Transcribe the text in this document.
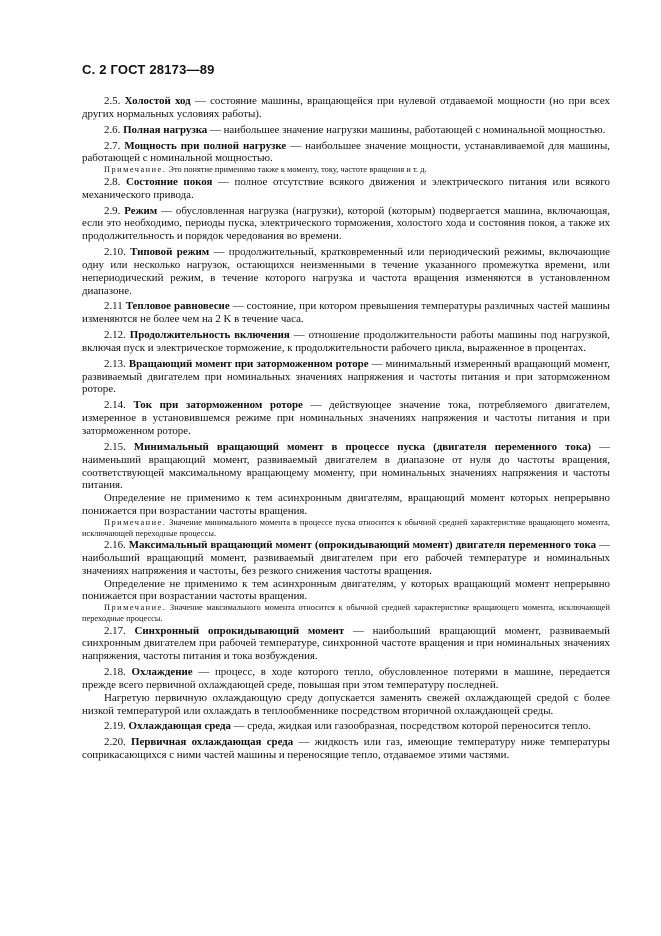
С. 2 ГОСТ 28173—89

2.5. Холостой ход — состояние машины, вращающейся при нулевой отдаваемой мощности (но при всех других нормальных условиях работы).

2.6. Полная нагрузка — наибольшее значение нагрузки машины, работающей с номинальной мощностью.

2.7. Мощность при полной нагрузке — наибольшее значение мощности, устанавливаемой для машины, работающей с номинальной мощностью.

Примечание. Это понятие применимо также к моменту, току, частоте вращения и т. д.

2.8. Состояние покоя — полное отсутствие всякого движения и электрического питания или всякого механического привода.

2.9. Режим — обусловленная нагрузка (нагрузки), которой (которым) подвергается машина, включающая, если это необходимо, периоды пуска, электрического торможения, холостого хода и состояния покоя, а также их продолжительность и порядок чередования во времени.

2.10. Типовой режим — продолжительный, кратковременный или периодический режимы, включающие одну или несколько нагрузок, остающихся неизменными в течение указанного промежутка времени, или непериодический режим, в течение которого нагрузка и частота вращения изменяются в установленном диапазоне.

2.11 Тепловое равновесие — состояние, при котором превышения температуры различных частей машины изменяются не более чем на 2 K в течение часа.

2.12. Продолжительность включения — отношение продолжительности работы машины под нагрузкой, включая пуск и электрическое торможение, к продолжительности рабочего цикла, выраженное в процентах.

2.13. Вращающий момент при заторможенном роторе — минимальный измеренный вращающий момент, развиваемый двигателем при номинальных значениях напряжения и частоты питания и при заторможенном роторе.

2.14. Ток при заторможенном роторе — действующее значение тока, потребляемого двигателем, измеренное в установившемся режиме при номинальных значениях напряжения и частоты питания и при заторможенном роторе.

2.15. Минимальный вращающий момент в процессе пуска (двигателя переменного тока) — наименьший вращающий момент, развиваемый двигателем в диапазоне от нуля до частоты вращения, соответствующей максимальному вращающему моменту, при номинальных значениях напряжения и частоты питания.

Определение не применимо к тем асинхронным двигателям, вращающий момент которых непрерывно понижается при возрастании частоты вращения.

Примечание. Значение минимального момента в процессе пуска относится к обычной средней характеристике вращающего момента, исключающей переходные процессы.

2.16. Максимальный вращающий момент (опрокидывающий момент) двигателя переменного тока — наибольший вращающий момент, развиваемый двигателем при его рабочей температуре и номинальных значениях напряжения и частоты, без резкого снижения частоты вращения.

Определение не применимо к тем асинхронным двигателям, у которых вращающий момент непрерывно понижается при возрастании частоты вращения.

Примечание. Значение максимального момента относится к обычной средней характеристике вращающего момента, исключающей переходные процессы.

2.17. Синхронный опрокидывающий момент — наибольший вращающий момент, развиваемый синхронным двигателем при рабочей температуре, синхронной частоте вращения и при номинальных значениях напряжения, частоты питания и тока возбуждения.

2.18. Охлаждение — процесс, в ходе которого тепло, обусловленное потерями в машине, передается прежде всего первичной охлаждающей среде, повышая при этом температуру последней.

Нагретую первичную охлаждающую среду допускается заменять свежей охлаждающей средой с более низкой температурой или охлаждать в теплообменнике посредством вторичной охлаждающей среды.

2.19. Охлаждающая среда — среда, жидкая или газообразная, посредством которой переносится тепло.

2.20. Первичная охлаждающая среда — жидкость или газ, имеющие температуру ниже температуры соприкасающихся с ними частей машины и переносящие тепло, отдаваемое этими частями.
